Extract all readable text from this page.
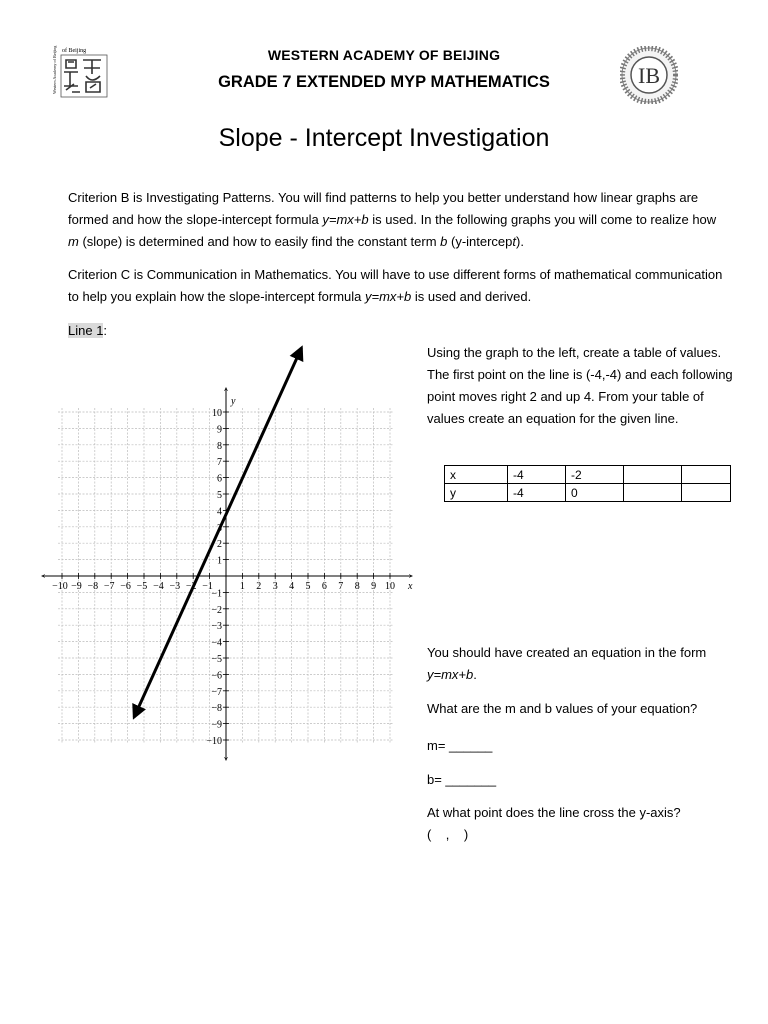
Western Academy of Beijing of Beijing	WESTERN ACADEMY OF BEIJING
GRADE 7 EXTENDED MYP MATHEMATICS	IB
Slope - Intercept Investigation
Criterion B is Investigating Patterns. You will find patterns to help you better understand how linear graphs are formed and how the slope-intercept formula y=mx+b is used. In the following graphs you will come to realize how m (slope) is determined and how to easily find the constant term b (y-intercept).
Criterion C is Communication in Mathematics. You will have to use different forms of mathematical communication to help you explain how the slope-intercept formula y=mx+b is used and derived.
Line 1:
−10 −9 −8 −7 −6 −5 −4 −3 −2 −1	1 2 3 4 5 6 7 8 9 10
−10
−9
−8
−7
−6
−5
−4
−3
−2
−1
1
2
3
4
5
6
7
8
9
10
x
y
Using the graph to the left, create a table of values. The first point on the line is (-4,-4) and each following point moves right 2 and up 4. From your table of values create an equation for the given line.
x	-4	-2		
y	-4	0		
You should have created an equation in the form y=mx+b.
What are the m and b values of your equation?
m= ______
b= _______
At what point does the line cross the y-axis?
(    ,    )
